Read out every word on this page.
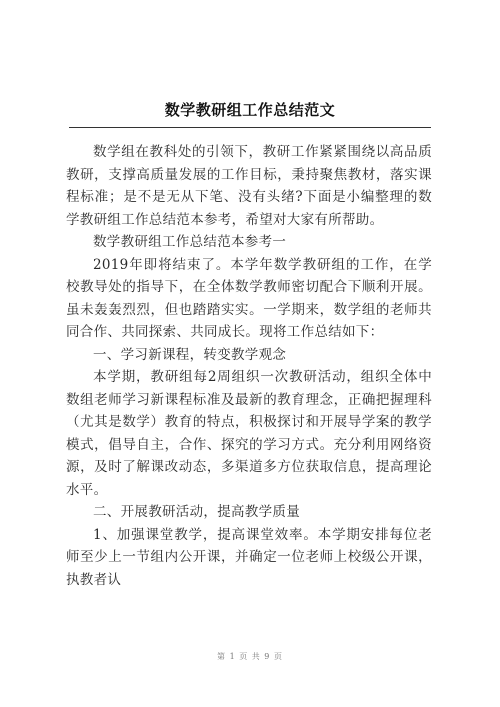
数学教研组工作总结范文

数学组在教科处的引领下，教研工作紧紧围绕以高品质教研，支撑高质量发展的工作目标，秉持聚焦教材，落实课程标准；是不是无从下笔、没有头绪?下面是小编整理的数学教研组工作总结范本参考，希望对大家有所帮助。

数学教研组工作总结范本参考一

2019年即将结束了。本学年数学教研组的工作，在学校教导处的指导下，在全体数学教师密切配合下顺利开展。虽未轰轰烈烈，但也踏踏实实。一学期来，数学组的老师共同合作、共同探索、共同成长。现将工作总结如下：

一、学习新课程，转变教学观念

本学期，教研组每2周组织一次教研活动，组织全体中数组老师学习新课程标准及最新的教育理念，正确把握理科（尤其是数学）教育的特点，积极探讨和开展导学案的教学模式，倡导自主，合作、探究的学习方式。充分利用网络资源，及时了解课改动态，多渠道多方位获取信息，提高理论水平。

二、开展教研活动，提高教学质量

1、加强课堂教学，提高课堂效率。本学期安排每位老师至少上一节组内公开课，并确定一位老师上校级公开课，执教者认

第 1 页 共 9 页
